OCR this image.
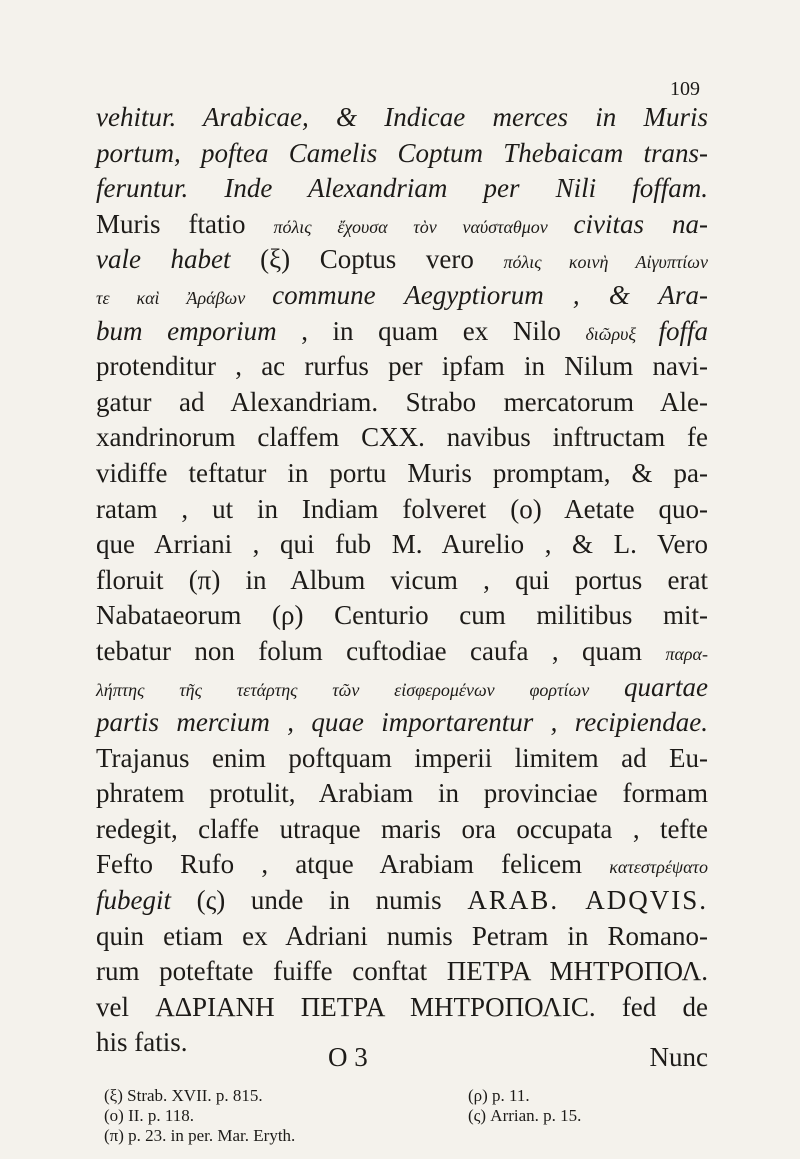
109
vehitur. Arabicae, & Indicae merces in Muris
portum, poftea Camelis Coptum Thebaicam trans-
feruntur. Inde Alexandriam per Nili foffam.
Muris ftatio πόλις ἔχουσα τὸν ναύσταθμον civitas na-
vale habet (ξ) Coptus vero πόλις κοινὴ Αἰγυπτίων
τε καὶ Ἀράβων commune Aegyptiorum , & Ara-
bum emporium , in quam ex Nilo διῶρυξ foffa
protenditur , ac rurfus per ipfam in Nilum navi-
gatur ad Alexandriam. Strabo mercatorum Ale-
xandrinorum claffem CXX. navibus inftructam fe
vidiffe teftatur in portu Muris promptam, & pa-
ratam , ut in Indiam folveret (ο) Aetate quo-
que Arriani , qui fub M. Aurelio , & L. Vero
floruit (π) in Album vicum , qui portus erat
Nabataeorum (ρ) Centurio cum militibus mit-
tebatur non folum cuftodiae caufa , quam παρα-
λήπτης τῆς τετάρτης τῶν εἰσφερομένων φορτίων quartae
partis mercium , quae importarentur , recipiendae.
Trajanus enim poftquam imperii limitem ad Eu-
phratem protulit, Arabiam in provinciae formam
redegit, claffe utraque maris ora occupata , tefte
Fefto Rufo , atque Arabiam felicem κατεστρέψατο
fubegit (ς) unde in numis ARAB. ADQVIS.
quin etiam ex Adriani numis Petram in Romano-
rum poteftate fuiffe conftat ΠΕΤΡΑ ΜΗΤΡΟΠΟΛ.
vel ΑΔΡΙΑΝΗ ΠΕΤΡΑ ΜΗΤΡΟΠΟΛΙC. fed de
his fatis.	O 3	Nunc
(ξ) Strab. XVII. p. 815.
(ο) II. p. 118.
(π) p. 23. in per. Mar. Eryth.
(ρ) p. 11.
(ς) Arrian. p. 15.
